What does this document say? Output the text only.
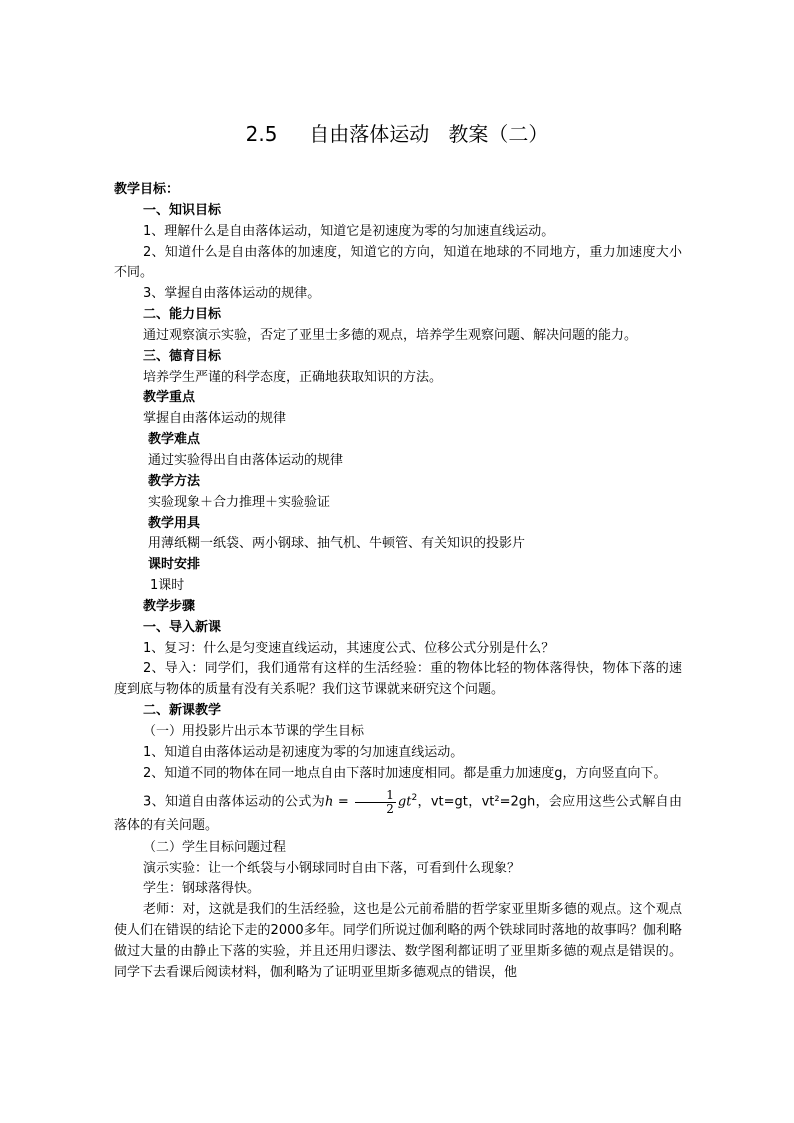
2.5     自由落体运动   教案（二）

教学目标：

一、知识目标

1、理解什么是自由落体运动，知道它是初速度为零的匀加速直线运动。

2、知道什么是自由落体的加速度，知道它的方向，知道在地球的不同地方，重力加速度大小不同。

3、掌握自由落体运动的规律。

二、能力目标

通过观察演示实验，否定了亚里士多德的观点，培养学生观察问题、解决问题的能力。

三、德育目标

培养学生严谨的科学态度，正确地获取知识的方法。

教学重点

掌握自由落体运动的规律

教学难点

通过实验得出自由落体运动的规律

教学方法

实验现象＋合力推理＋实验验证

教学用具

用薄纸糊一纸袋、两小钢球、抽气机、牛顿管、有关知识的投影片

课时安排

1课时

教学步骤

一、导入新课

1、复习：什么是匀变速直线运动，其速度公式、位移公式分别是什么？

2、导入：同学们，我们通常有这样的生活经验：重的物体比轻的物体落得快，物体下落的速度到底与物体的质量有没有关系呢？我们这节课就来研究这个问题。

二、新课教学

（一）用投影片出示本节课的学生目标

1、知道自由落体运动是初速度为零的匀加速直线运动。

2、知道不同的物体在同一地点自由下落时加速度相同。都是重力加速度g，方向竖直向下。

3、知道自由落体运动的公式为$h = \frac{1}{2} gt^2$，vt=gt，vt²=2gh，会应用这些公式解自由落体的有关问题。

（二）学生目标问题过程

演示实验：让一个纸袋与小钢球同时自由下落，可看到什么现象？

学生：钢球落得快。

老师：对，这就是我们的生活经验，这也是公元前希腊的哲学家亚里斯多德的观点。这个观点使人们在错误的结论下走的2000多年。同学们所说过伽利略的两个铁球同时落地的故事吗？伽利略做过大量的由静止下落的实验，并且还用归谬法、数学图利都证明了亚里斯多德的观点是错误的。同学下去看课后阅读材料，伽利略为了证明亚里斯多德观点的错误，他
